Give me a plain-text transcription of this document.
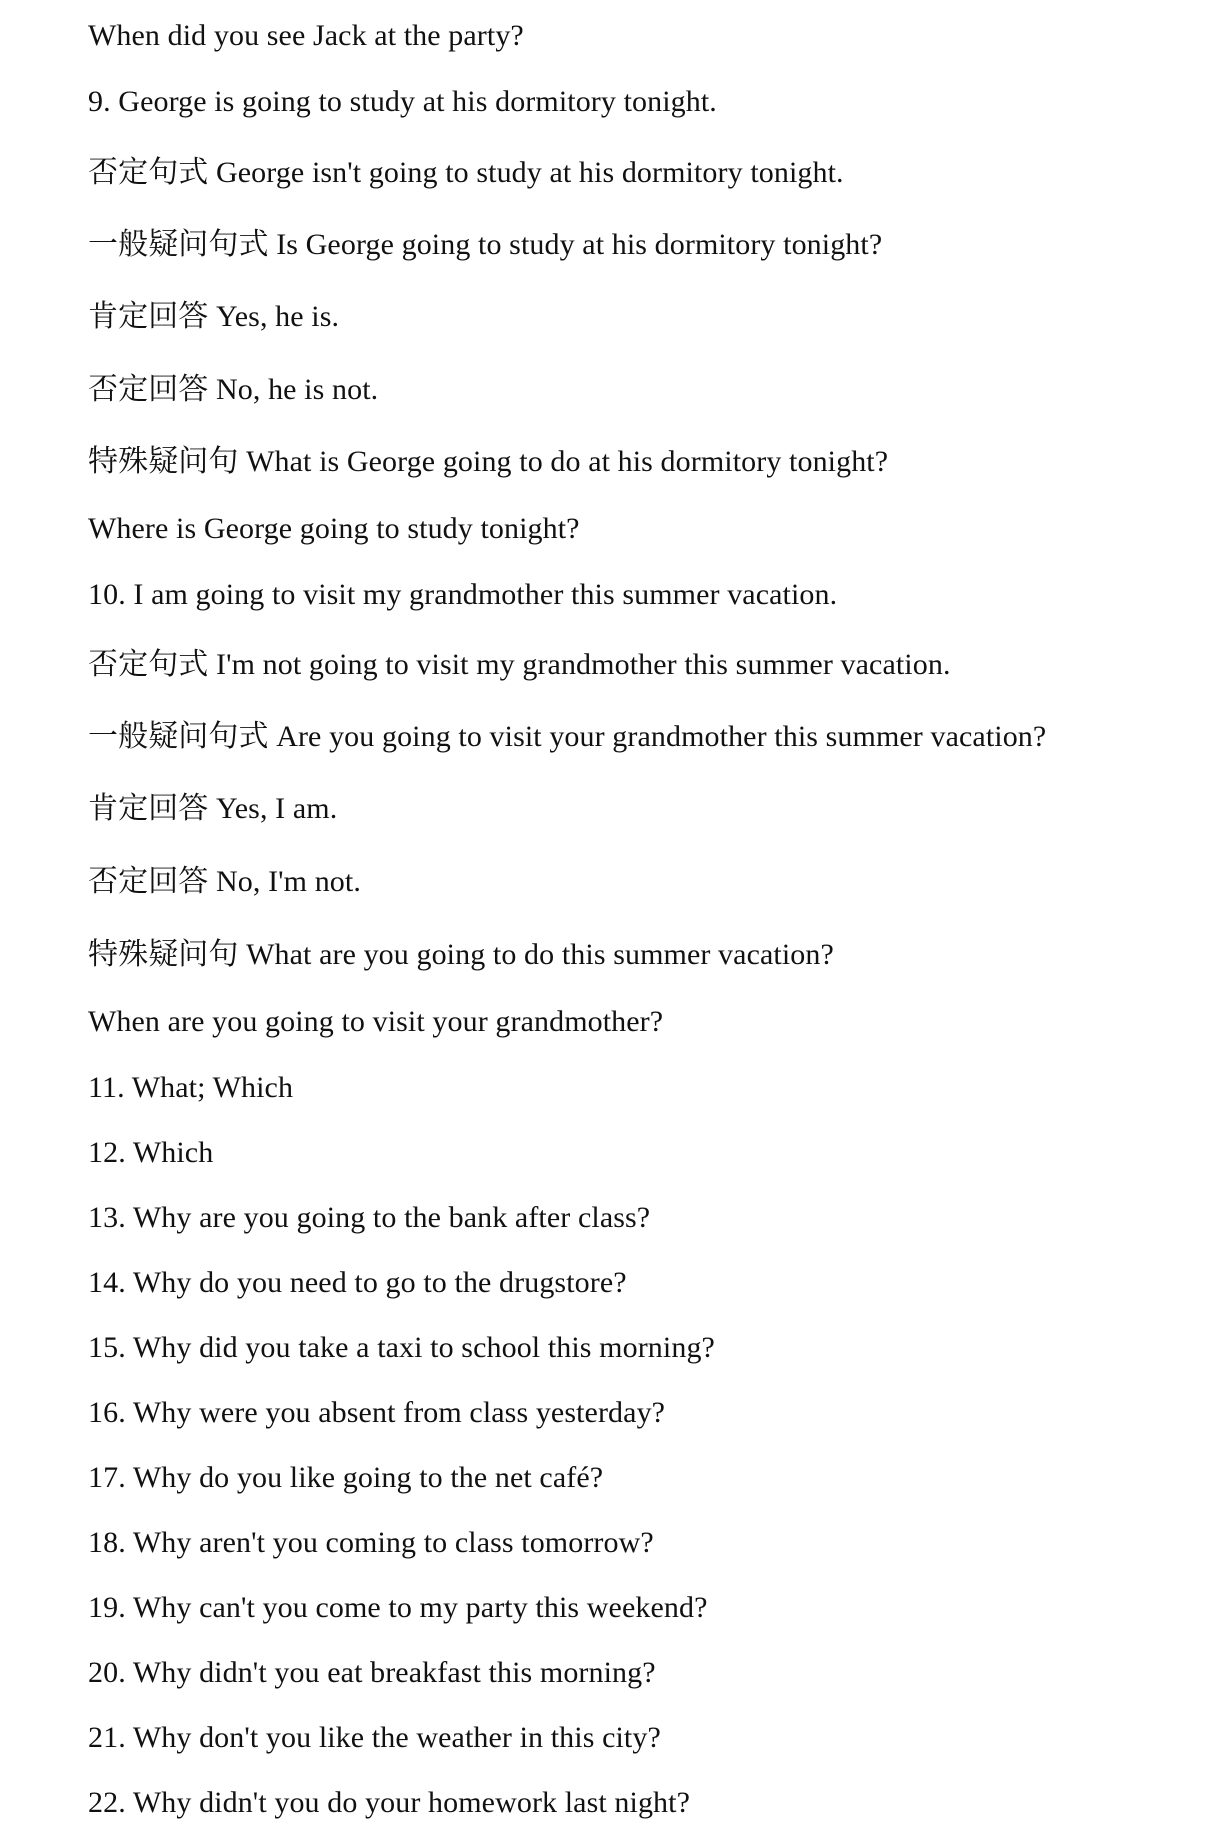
When did you see Jack at the party?

9. George is going to study at his dormitory tonight.

否定句式 George isn't going to study at his dormitory tonight.

一般疑问句式 Is George going to study at his dormitory tonight?

肯定回答 Yes, he is.

否定回答 No, he is not.

特殊疑问句 What is George going to do at his dormitory tonight?

Where is George going to study tonight?

10. I am going to visit my grandmother this summer vacation.

否定句式 I'm not going to visit my grandmother this summer vacation.

一般疑问句式 Are you going to visit your grandmother this summer vacation?

肯定回答 Yes, I am.

否定回答 No, I'm not.

特殊疑问句 What are you going to do this summer vacation?

When are you going to visit your grandmother?

11. What; Which

12. Which

13. Why are you going to the bank after class?

14. Why do you need to go to the drugstore?

15. Why did you take a taxi to school this morning?

16. Why were you absent from class yesterday?

17. Why do you like going to the net café?

18. Why aren't you coming to class tomorrow?

19. Why can't you come to my party this weekend?

20. Why didn't you eat breakfast this morning?

21. Why don't you like the weather in this city?

22. Why didn't you do your homework last night?
